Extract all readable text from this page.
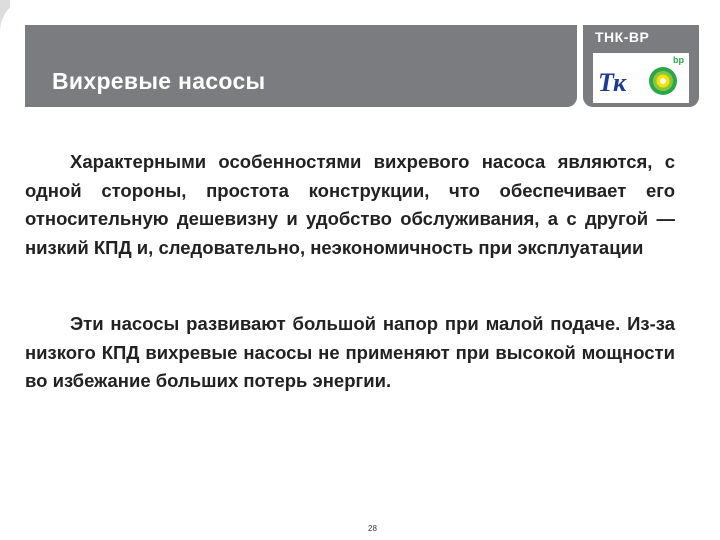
Вихревые насосы
ТНК-BP
Тк
bp

Характерными особенностями вихревого насоса являются, с одной стороны, простота конструкции, что обеспечивает его относительную дешевизну и удобство обслуживания, а с другой — низкий КПД и, следовательно, неэкономичность при эксплуатации

Эти насосы развивают большой напор при малой подаче. Из-за низкого КПД вихревые насосы не применяют при высокой мощности во избежание больших потерь энергии.

28
